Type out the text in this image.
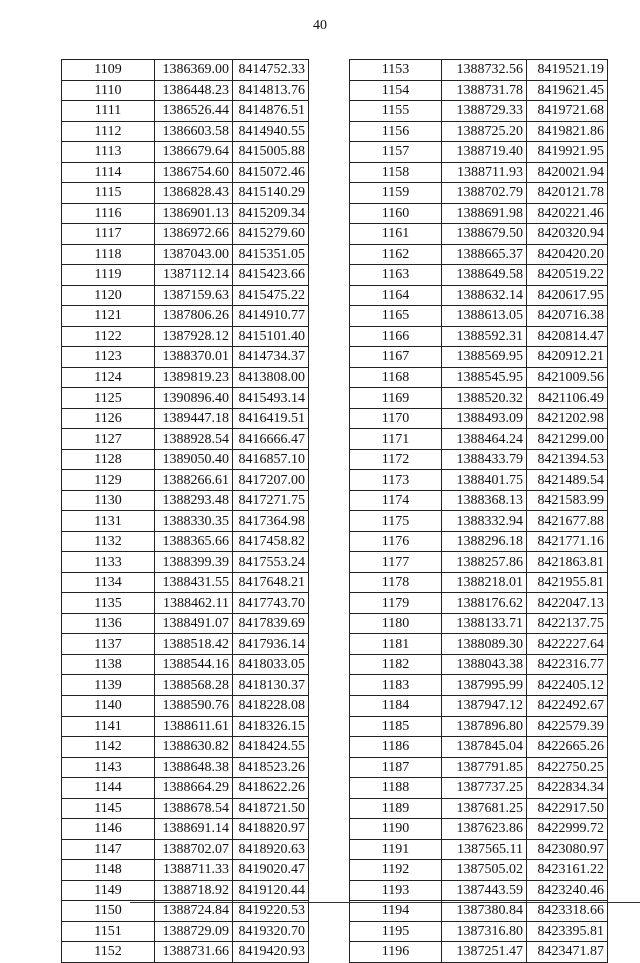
40
1109	1386369.00	8414752.33
1110	1386448.23	8414813.76
1111	1386526.44	8414876.51
1112	1386603.58	8414940.55
1113	1386679.64	8415005.88
1114	1386754.60	8415072.46
1115	1386828.43	8415140.29
1116	1386901.13	8415209.34
1117	1386972.66	8415279.60
1118	1387043.00	8415351.05
1119	1387112.14	8415423.66
1120	1387159.63	8415475.22
1121	1387806.26	8414910.77
1122	1387928.12	8415101.40
1123	1388370.01	8414734.37
1124	1389819.23	8413808.00
1125	1390896.40	8415493.14
1126	1389447.18	8416419.51
1127	1388928.54	8416666.47
1128	1389050.40	8416857.10
1129	1388266.61	8417207.00
1130	1388293.48	8417271.75
1131	1388330.35	8417364.98
1132	1388365.66	8417458.82
1133	1388399.39	8417553.24
1134	1388431.55	8417648.21
1135	1388462.11	8417743.70
1136	1388491.07	8417839.69
1137	1388518.42	8417936.14
1138	1388544.16	8418033.05
1139	1388568.28	8418130.37
1140	1388590.76	8418228.08
1141	1388611.61	8418326.15
1142	1388630.82	8418424.55
1143	1388648.38	8418523.26
1144	1388664.29	8418622.26
1145	1388678.54	8418721.50
1146	1388691.14	8418820.97
1147	1388702.07	8418920.63
1148	1388711.33	8419020.47
1149	1388718.92	8419120.44
1150	1388724.84	8419220.53
1151	1388729.09	8419320.70
1152	1388731.66	8419420.93
1153	1388732.56	8419521.19
1154	1388731.78	8419621.45
1155	1388729.33	8419721.68
1156	1388725.20	8419821.86
1157	1388719.40	8419921.95
1158	1388711.93	8420021.94
1159	1388702.79	8420121.78
1160	1388691.98	8420221.46
1161	1388679.50	8420320.94
1162	1388665.37	8420420.20
1163	1388649.58	8420519.22
1164	1388632.14	8420617.95
1165	1388613.05	8420716.38
1166	1388592.31	8420814.47
1167	1388569.95	8420912.21
1168	1388545.95	8421009.56
1169	1388520.32	8421106.49
1170	1388493.09	8421202.98
1171	1388464.24	8421299.00
1172	1388433.79	8421394.53
1173	1388401.75	8421489.54
1174	1388368.13	8421583.99
1175	1388332.94	8421677.88
1176	1388296.18	8421771.16
1177	1388257.86	8421863.81
1178	1388218.01	8421955.81
1179	1388176.62	8422047.13
1180	1388133.71	8422137.75
1181	1388089.30	8422227.64
1182	1388043.38	8422316.77
1183	1387995.99	8422405.12
1184	1387947.12	8422492.67
1185	1387896.80	8422579.39
1186	1387845.04	8422665.26
1187	1387791.85	8422750.25
1188	1387737.25	8422834.34
1189	1387681.25	8422917.50
1190	1387623.86	8422999.72
1191	1387565.11	8423080.97
1192	1387505.02	8423161.22
1193	1387443.59	8423240.46
1194	1387380.84	8423318.66
1195	1387316.80	8423395.81
1196	1387251.47	8423471.87
